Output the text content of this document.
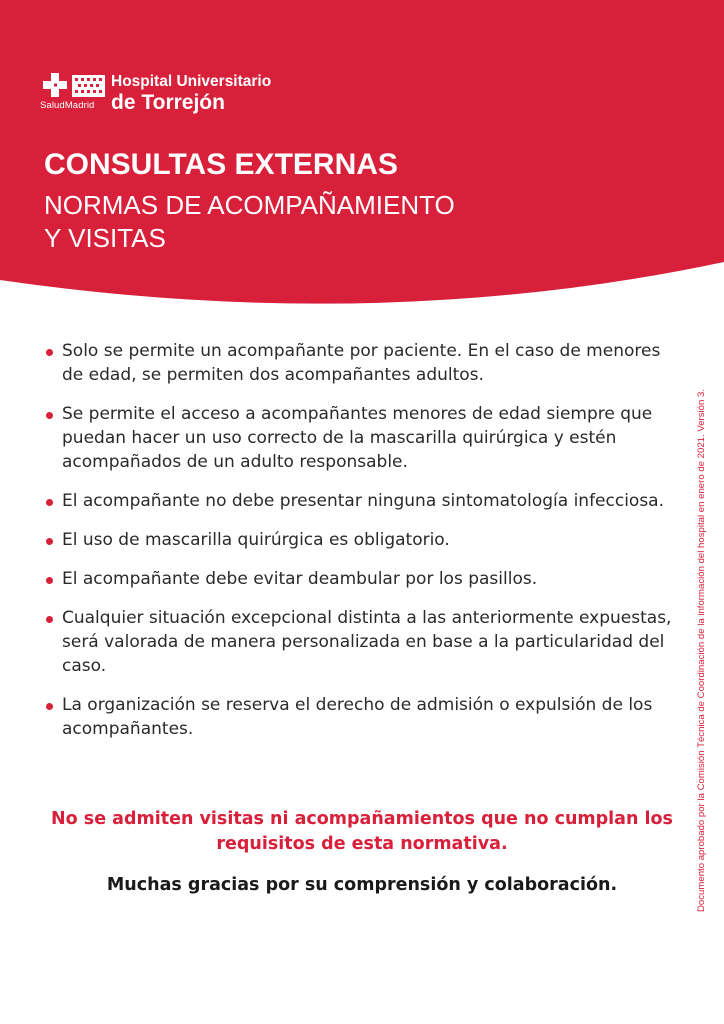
SaludMadrid
Hospital Universitario
de Torrejón
CONSULTAS EXTERNAS
NORMAS DE ACOMPAÑAMIENTO
Y VISITAS
Solo se permite un acompañante por paciente. En el caso de menores de edad, se permiten dos acompañantes adultos.
Se permite el acceso a acompañantes menores de edad siempre que puedan hacer un uso correcto de la mascarilla quirúrgica y estén acompañados de un adulto responsable.
El acompañante no debe presentar ninguna sintomatología infecciosa.
El uso de mascarilla quirúrgica es obligatorio.
El acompañante debe evitar deambular por los pasillos.
Cualquier situación excepcional distinta a las anteriormente expuestas, será valorada de manera personalizada en base a la particularidad del caso.
La organización se reserva el derecho de admisión o expulsión de los acompañantes.

No se admiten visitas ni acompañamientos que no cumplan los requisitos de esta normativa.

Muchas gracias por su comprensión y colaboración.	Documento aprobado por la Comisión Técnica de Coordinación de la información del hospital en enero de 2021. Versión 3.
